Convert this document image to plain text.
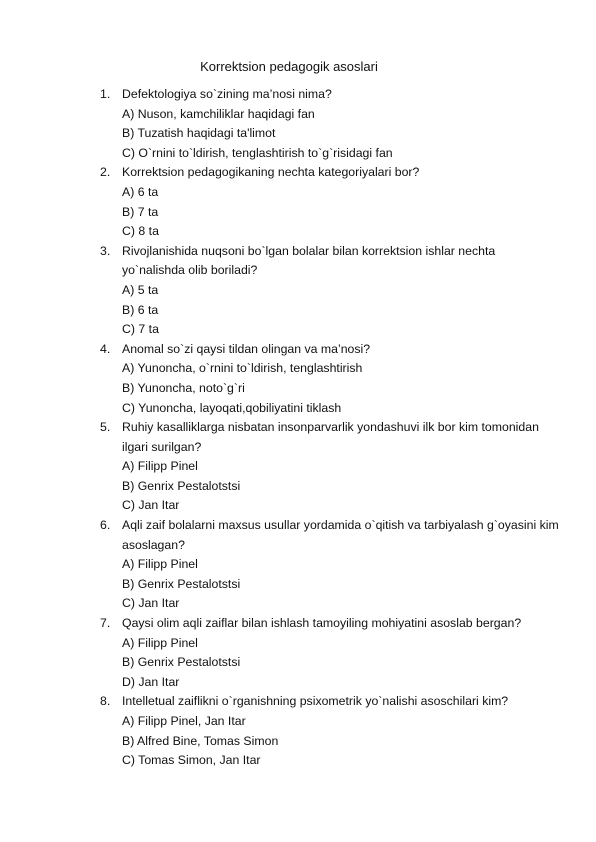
Korrektsion pedagogik asoslari
1. Defektologiya so`zining ma’nosi nima?
A) Nuson, kamchiliklar haqidagi fan
B) Tuzatish haqidagi ta'limot
C) O`rnini to`ldirish, tenglashtirish to`g`risidagi fan
2. Korrektsion pedagogikaning nechta kategoriyalari bor?
A) 6 ta
B) 7 ta
C) 8 ta
3. Rivojlanishida nuqsoni bo`lgan bolalar bilan korrektsion ishlar nechta yo`nalishda olib boriladi?
A) 5 ta
B) 6 ta
C) 7 ta
4. Anomal so`zi qaysi tildan olingan va ma’nosi?
A) Yunoncha, o`rnini to`ldirish, tenglashtirish
B) Yunoncha, noto`g`ri
C) Yunoncha, layoqati,qobiliyatini tiklash
5. Ruhiy kasalliklarga nisbatan insonparvarlik yondashuvi ilk bor kim tomonidan ilgari surilgan?
A) Filipp Pinel
B) Genrix Pestalotstsi
C) Jan Itar
6. Aqli zaif bolalarni maxsus usullar yordamida o`qitish va tarbiyalash g`oyasini kim asoslagan?
A) Filipp Pinel
B) Genrix Pestalotstsi
C) Jan Itar
7. Qaysi olim aqli zaiflar bilan ishlash tamoyiling mohiyatini asoslab bergan?
A) Filipp Pinel
B) Genrix Pestalotstsi
D) Jan Itar
8. Intelletual zaiflikni o`rganishning psixometrik yo`nalishi asoschilari kim?
A) Filipp Pinel, Jan Itar
B) Alfred Bine, Tomas Simon
C) Tomas Simon, Jan Itar
